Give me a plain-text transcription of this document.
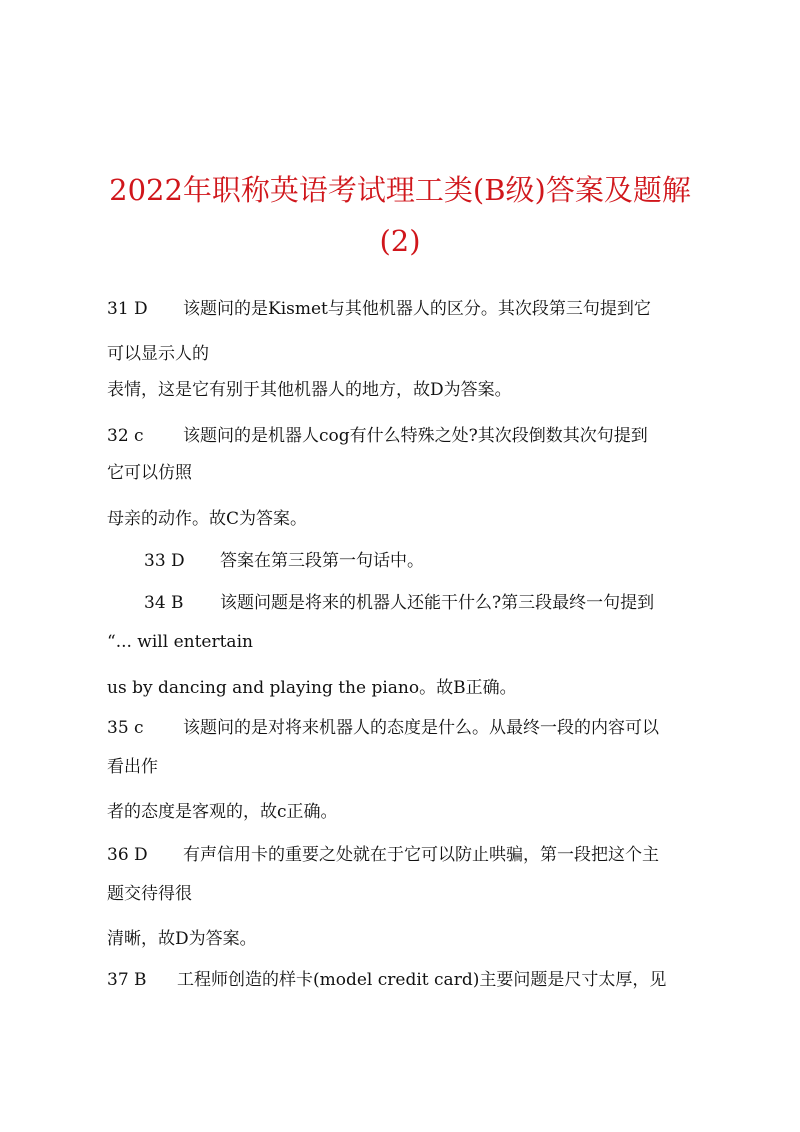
2022年职称英语考试理工类(B级)答案及题解
(2)
31 D 该题问的是Kismet与其他机器人的区分。其次段第三句提到它
可以显示人的
表情，这是它有别于其他机器人的地方，故D为答案。
32 c 该题问的是机器人cog有什么特殊之处?其次段倒数其次句提到
它可以仿照
母亲的动作。故C为答案。
33 D 答案在第三段第一句话中。
34 B 该题问题是将来的机器人还能干什么?第三段最终一句提到
“... will entertain
us by dancing and playing the piano。故B正确。
35 c 该题问的是对将来机器人的态度是什么。从最终一段的内容可以
看出作
者的态度是客观的，故c正确。
36 D 有声信用卡的重要之处就在于它可以防止哄骗，第一段把这个主
题交待得很
清晰，故D为答案。
37 B 工程师创造的样卡(model credit card)主要问题是尺寸太厚，见
